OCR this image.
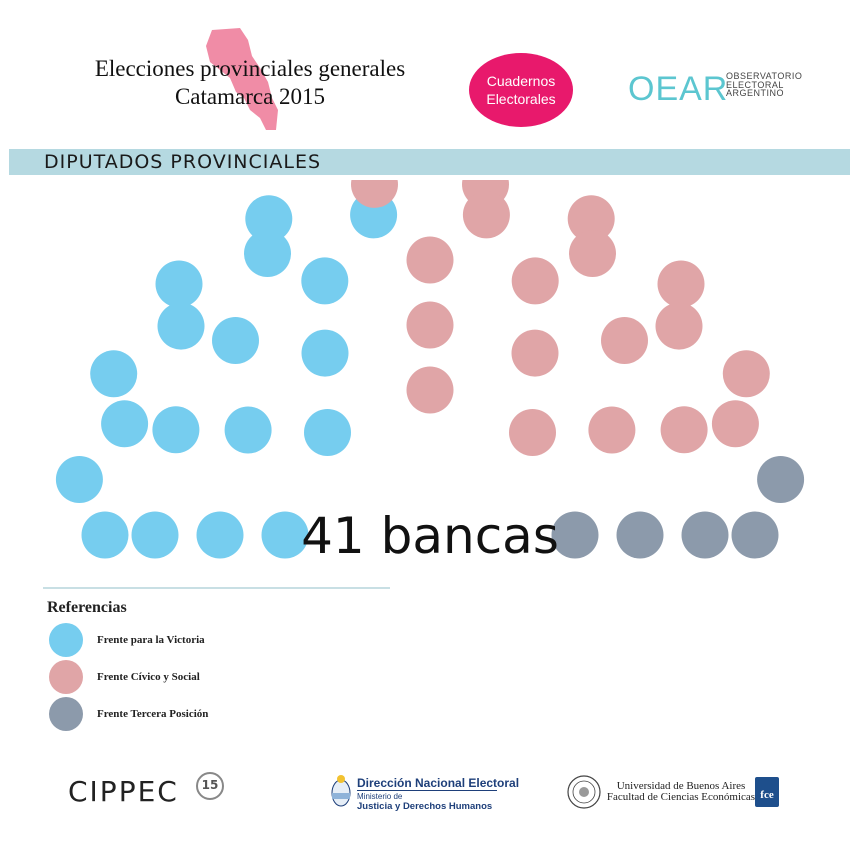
Elecciones provinciales generales
Catamarca 2015
Cuadernos
Electorales OEAR
OBSERVATORIO
ELECTORAL
ARGENTINO
DIPUTADOS PROVINCIALES
41 bancas
Referencias
Frente para la Victoria
Frente Cívico y Social
Frente Tercera Posición
CIPPEC	15	Dirección Nacional Electoral
Ministerio de
Justicia y Derechos Humanos
Universidad de Buenos Aires
Facultad de Ciencias Económicas fce
